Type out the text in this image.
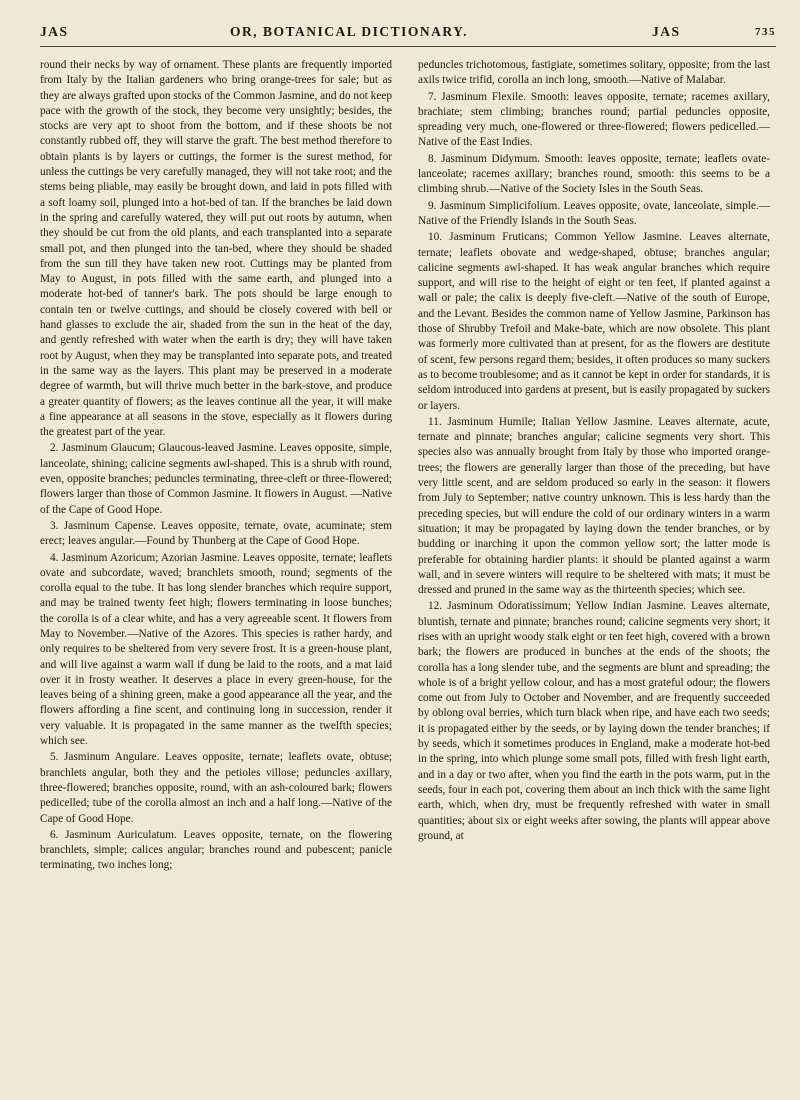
JAS	OR, BOTANICAL DICTIONARY.	JAS	735

round their necks by way of ornament. These plants are frequently imported from Italy by the Italian gardeners who bring orange-trees for sale; but as they are always grafted upon stocks of the Common Jasmine, and do not keep pace with the growth of the stock, they become very unsightly; besides, the stocks are very apt to shoot from the bottom, and if these shoots be not constantly rubbed off, they will starve the graft. The best method therefore to obtain plants is by layers or cuttings, the former is the surest method, for unless the cuttings be very carefully managed, they will not take root; and the stems being pliable, may easily be brought down, and laid in pots filled with a soft loamy soil, plunged into a hot-bed of tan. If the branches be laid down in the spring and carefully watered, they will put out roots by autumn, when they should be cut from the old plants, and each transplanted into a separate small pot, and then plunged into the tan-bed, where they should be shaded from the sun till they have taken new root. Cuttings may be planted from May to August, in pots filled with the same earth, and plunged into a moderate hot-bed of tanner's bark. The pots should be large enough to contain ten or twelve cuttings, and should be closely covered with bell or hand glasses to exclude the air, shaded from the sun in the heat of the day, and gently refreshed with water when the earth is dry; they will have taken root by August, when they may be transplanted into separate pots, and treated in the same way as the layers. This plant may be preserved in a moderate degree of warmth, but will thrive much better in the bark-stove, and produce a greater quantity of flowers; as the leaves continue all the year, it will make a fine appearance at all seasons in the stove, especially as it flowers during the greatest part of the year.

2. Jasminum Glaucum; Glaucous-leaved Jasmine. Leaves opposite, simple, lanceolate, shining; calicine segments awl-shaped. This is a shrub with round, even, opposite branches; peduncles terminating, three-cleft or three-flowered; flowers larger than those of Common Jasmine. It flowers in August. —Native of the Cape of Good Hope.

3. Jasminum Capense. Leaves opposite, ternate, ovate, acuminate; stem erect; leaves angular.—Found by Thunberg at the Cape of Good Hope.

4. Jasminum Azoricum; Azorian Jasmine. Leaves opposite, ternate; leaflets ovate and subcordate, waved; branchlets smooth, round; segments of the corolla equal to the tube. It has long slender branches which require support, and may be trained twenty feet high; flowers terminating in loose bunches; the corolla is of a clear white, and has a very agreeable scent. It flowers from May to November.—Native of the Azores. This species is rather hardy, and only requires to be sheltered from very severe frost. It is a green-house plant, and will live against a warm wall if dung be laid to the roots, and a mat laid over it in frosty weather. It deserves a place in every green-house, for the leaves being of a shining green, make a good appearance all the year, and the flowers affording a fine scent, and continuing long in succession, render it very valuable. It is propagated in the same manner as the twelfth species; which see.

5. Jasminum Angulare. Leaves opposite, ternate; leaflets ovate, obtuse; branchlets angular, both they and the petioles villose; peduncles axillary, three-flowered; branches opposite, round, with an ash-coloured bark; flowers pedicelled; tube of the corolla almost an inch and a half long.—Native of the Cape of Good Hope.

6. Jasminum Auriculatum. Leaves opposite, ternate, on the flowering branchlets, simple; calices angular; branches round and pubescent; panicle terminating, two inches long;

peduncles trichotomous, fastigiate, sometimes solitary, opposite; from the last axils twice trifid, corolla an inch long, smooth.—Native of Malabar.

7. Jasminum Flexile. Smooth: leaves opposite, ternate; racemes axillary, brachiate; stem climbing; branches round; partial peduncles opposite, spreading very much, one-flowered or three-flowered; flowers pedicelled.—Native of the East Indies.

8. Jasminum Didymum. Smooth: leaves opposite, ternate; leaflets ovate-lanceolate; racemes axillary; branches round, smooth: this seems to be a climbing shrub.—Native of the Society Isles in the South Seas.

9. Jasminum Simplicifolium. Leaves opposite, ovate, lanceolate, simple.—Native of the Friendly Islands in the South Seas.

10. Jasminum Fruticans; Common Yellow Jasmine. Leaves alternate, ternate; leaflets obovate and wedge-shaped, obtuse; branches angular; calicine segments awl-shaped. It has weak angular branches which require support, and will rise to the height of eight or ten feet, if planted against a wall or pale; the calix is deeply five-cleft.—Native of the south of Europe, and the Levant. Besides the common name of Yellow Jasmine, Parkinson has those of Shrubby Trefoil and Make-bate, which are now obsolete. This plant was formerly more cultivated than at present, for as the flowers are destitute of scent, few persons regard them; besides, it often produces so many suckers as to become troublesome; and as it cannot be kept in order for standards, it is seldom introduced into gardens at present, but is easily propagated by suckers or layers.

11. Jasminum Humile; Italian Yellow Jasmine. Leaves alternate, acute, ternate and pinnate; branches angular; calicine segments very short. This species also was annually brought from Italy by those who imported orange-trees; the flowers are generally larger than those of the preceding, but have very little scent, and are seldom produced so early in the season: it flowers from July to September; native country unknown. This is less hardy than the preceding species, but will endure the cold of our ordinary winters in a warm situation; it may be propagated by laying down the tender branches, or by budding or inarching it upon the common yellow sort; the latter mode is preferable for obtaining hardier plants: it should be planted against a warm wall, and in severe winters will require to be sheltered with mats; it must be dressed and pruned in the same way as the thirteenth species; which see.

12. Jasminum Odoratissimum; Yellow Indian Jasmine. Leaves alternate, bluntish, ternate and pinnate; branches round; calicine segments very short; it rises with an upright woody stalk eight or ten feet high, covered with a brown bark; the flowers are produced in bunches at the ends of the shoots; the corolla has a long slender tube, and the segments are blunt and spreading; the whole is of a bright yellow colour, and has a most grateful odour; the flowers come out from July to October and November, and are frequently succeeded by oblong oval berries, which turn black when ripe, and have each two seeds; it is propagated either by the seeds, or by laying down the tender branches; if by seeds, which it sometimes produces in England, make a moderate hot-bed in the spring, into which plunge some small pots, filled with fresh light earth, and in a day or two after, when you find the earth in the pots warm, put in the seeds, four in each pot, covering them about an inch thick with the same light earth, which, when dry, must be frequently refreshed with water in small quantities; about six or eight weeks after sowing, the plants will appear above ground, at
